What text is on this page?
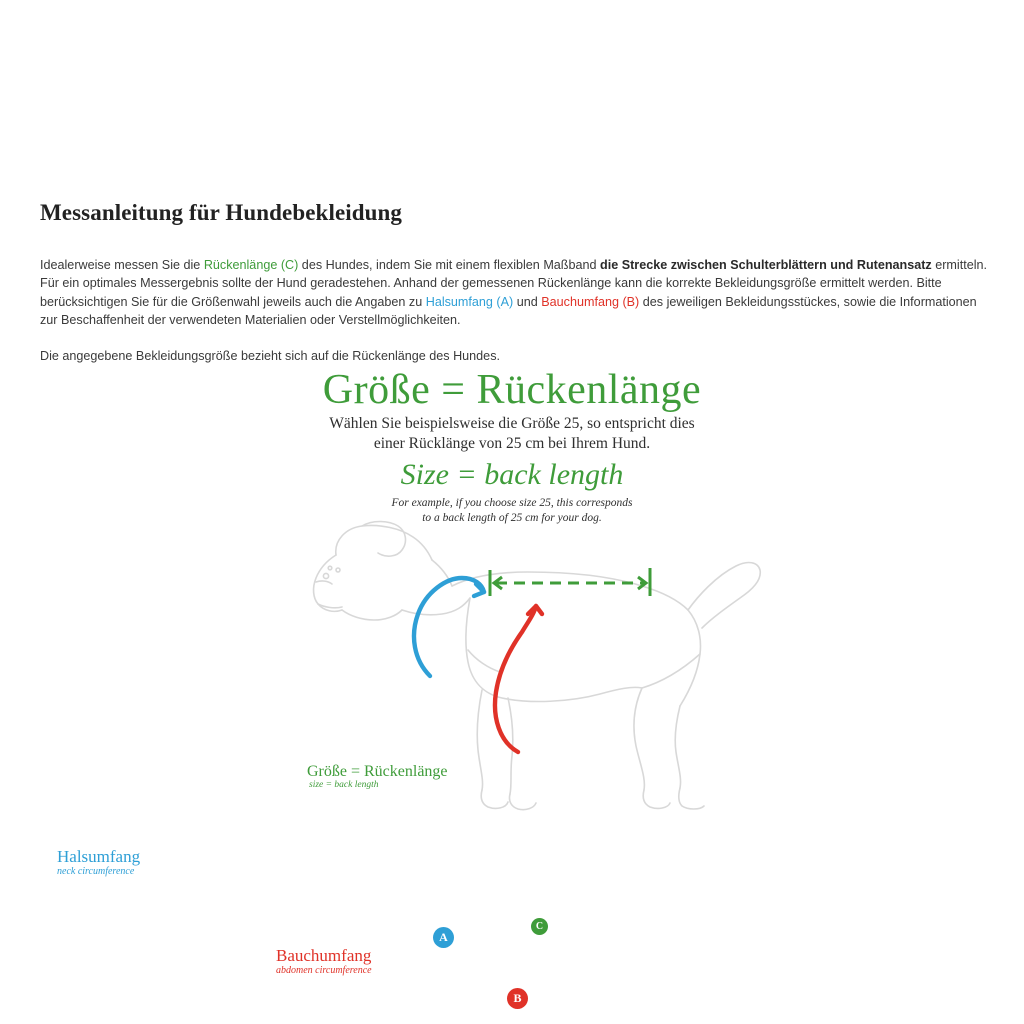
Messanleitung für Hundebekleidung

Idealerweise messen Sie die Rückenlänge (C) des Hundes, indem Sie mit einem flexiblen Maßband die Strecke zwischen Schulterblättern und Rutenansatz ermitteln. Für ein optimales Messergebnis sollte der Hund geradestehen. Anhand der gemessenen Rückenlänge kann die korrekte Bekleidungsgröße ermittelt werden. Bitte berücksichtigen Sie für die Größenwahl jeweils auch die Angaben zu Halsumfang (A) und Bauchumfang (B) des jeweiligen Bekleidungsstückes, sowie die Informationen zur Beschaffenheit der verwendeten Materialien oder Verstellmöglichkeiten.

Die angegebene Bekleidungsgröße bezieht sich auf die Rückenlänge des Hundes.

Größe = Rückenlänge
Wählen Sie beispielsweise die Größe 25, so entspricht dies
einer Rücklänge von 25 cm bei Ihrem Hund.
Size = back length
For example, if you choose size 25, this corresponds
to a back length of 25 cm for your dog.
A
B
C
Halsumfang
neck circumference
Bauchumfang
abdomen circumference
Größe = Rückenlänge
size = back length
